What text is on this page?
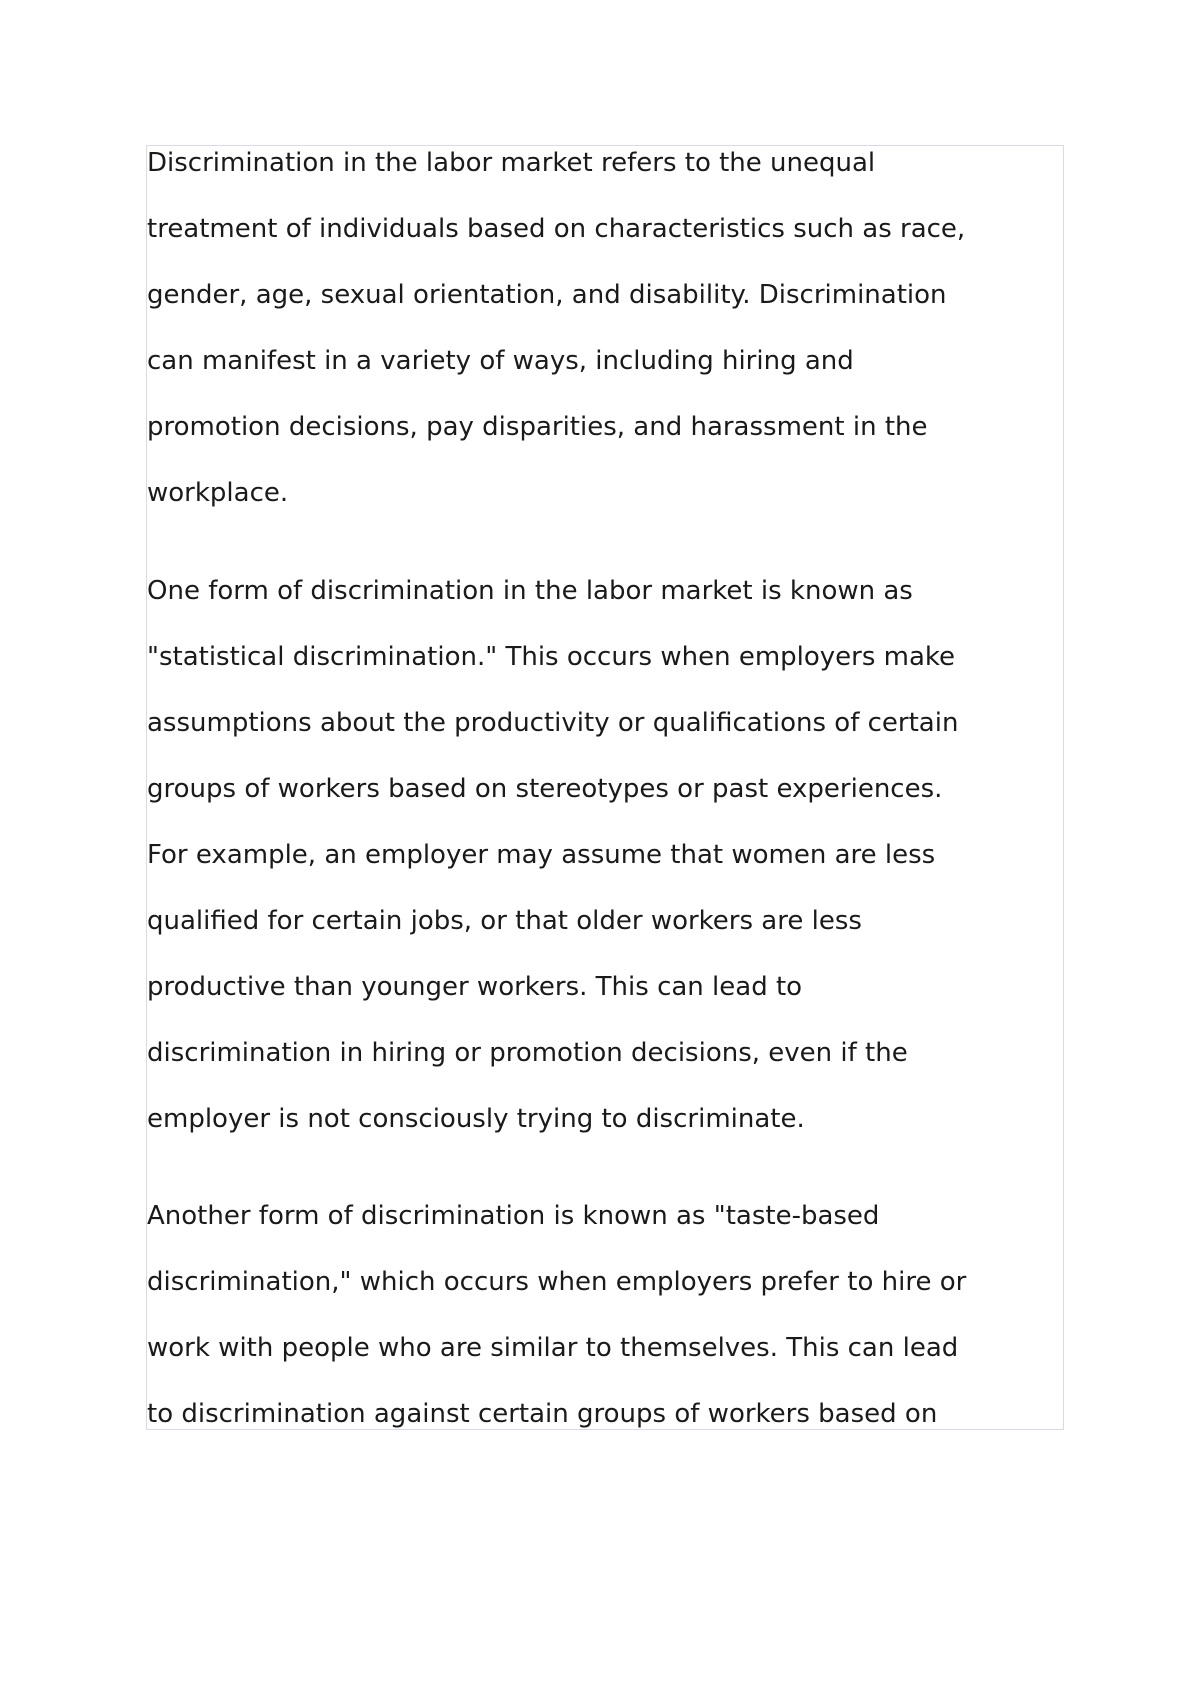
Discrimination in the labor market refers to the unequal
treatment of individuals based on characteristics such as race,
gender, age, sexual orientation, and disability. Discrimination
can manifest in a variety of ways, including hiring and
promotion decisions, pay disparities, and harassment in the
workplace.
One form of discrimination in the labor market is known as
"statistical discrimination." This occurs when employers make
assumptions about the productivity or qualifications of certain
groups of workers based on stereotypes or past experiences.
For example, an employer may assume that women are less
qualified for certain jobs, or that older workers are less
productive than younger workers. This can lead to
discrimination in hiring or promotion decisions, even if the
employer is not consciously trying to discriminate.
Another form of discrimination is known as "taste-based
discrimination," which occurs when employers prefer to hire or
work with people who are similar to themselves. This can lead
to discrimination against certain groups of workers based on
